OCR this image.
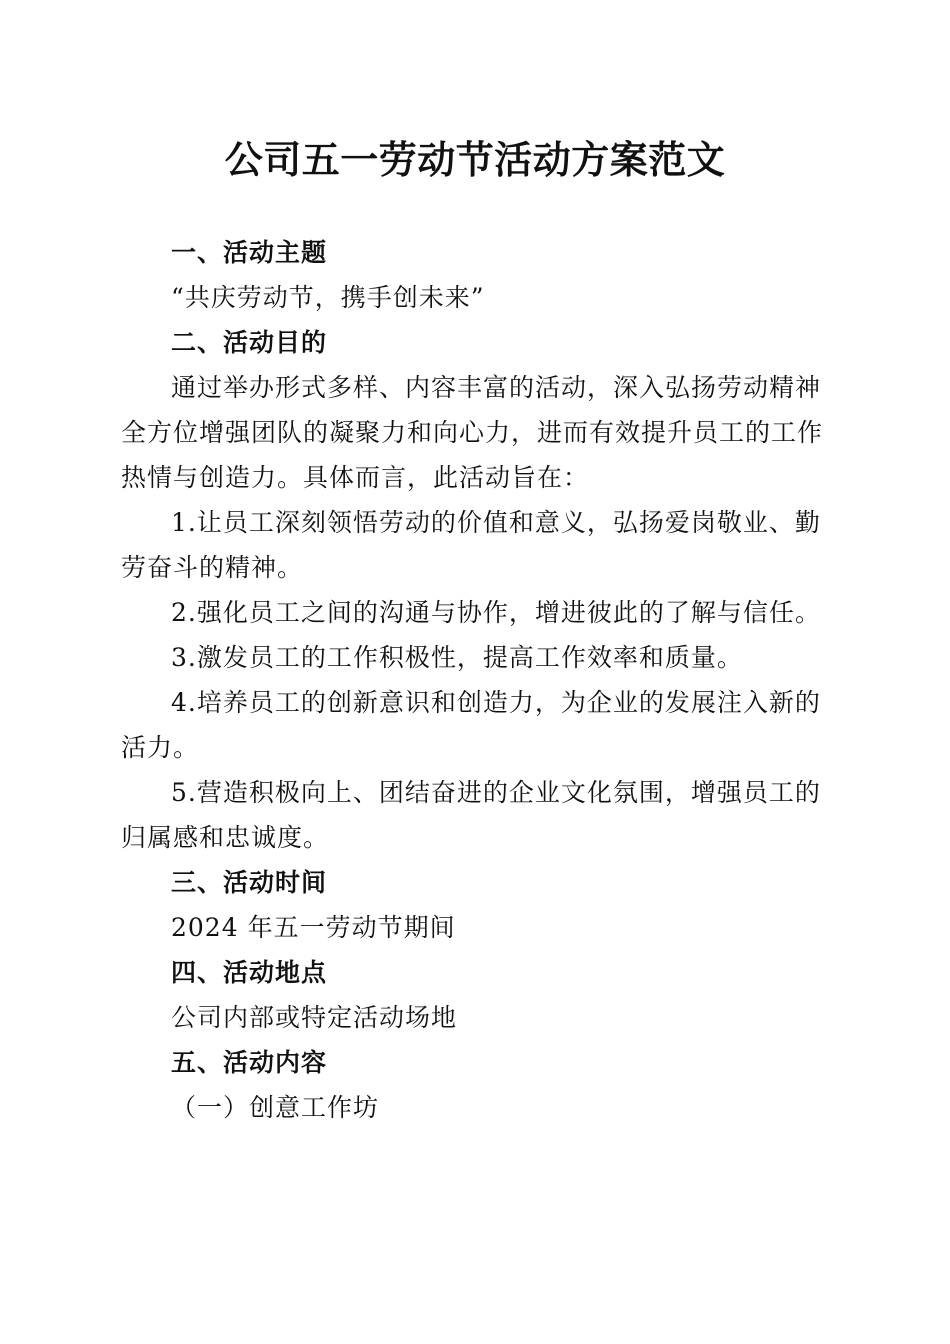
公司五一劳动节活动方案范文

一、活动主题

“共庆劳动节，携手创未来”

二、活动目的

通过举办形式多样、内容丰富的活动，深入弘扬劳动精神全方位增强团队的凝聚力和向心力，进而有效提升员工的工作热情与创造力。具体而言，此活动旨在：

1.让员工深刻领悟劳动的价值和意义，弘扬爱岗敬业、勤劳奋斗的精神。

2.强化员工之间的沟通与协作，增进彼此的了解与信任。

3.激发员工的工作积极性，提高工作效率和质量。

4.培养员工的创新意识和创造力，为企业的发展注入新的活力。

5.营造积极向上、团结奋进的企业文化氛围，增强员工的归属感和忠诚度。

三、活动时间

2024 年五一劳动节期间

四、活动地点

公司内部或特定活动场地

五、活动内容

（一）创意工作坊
